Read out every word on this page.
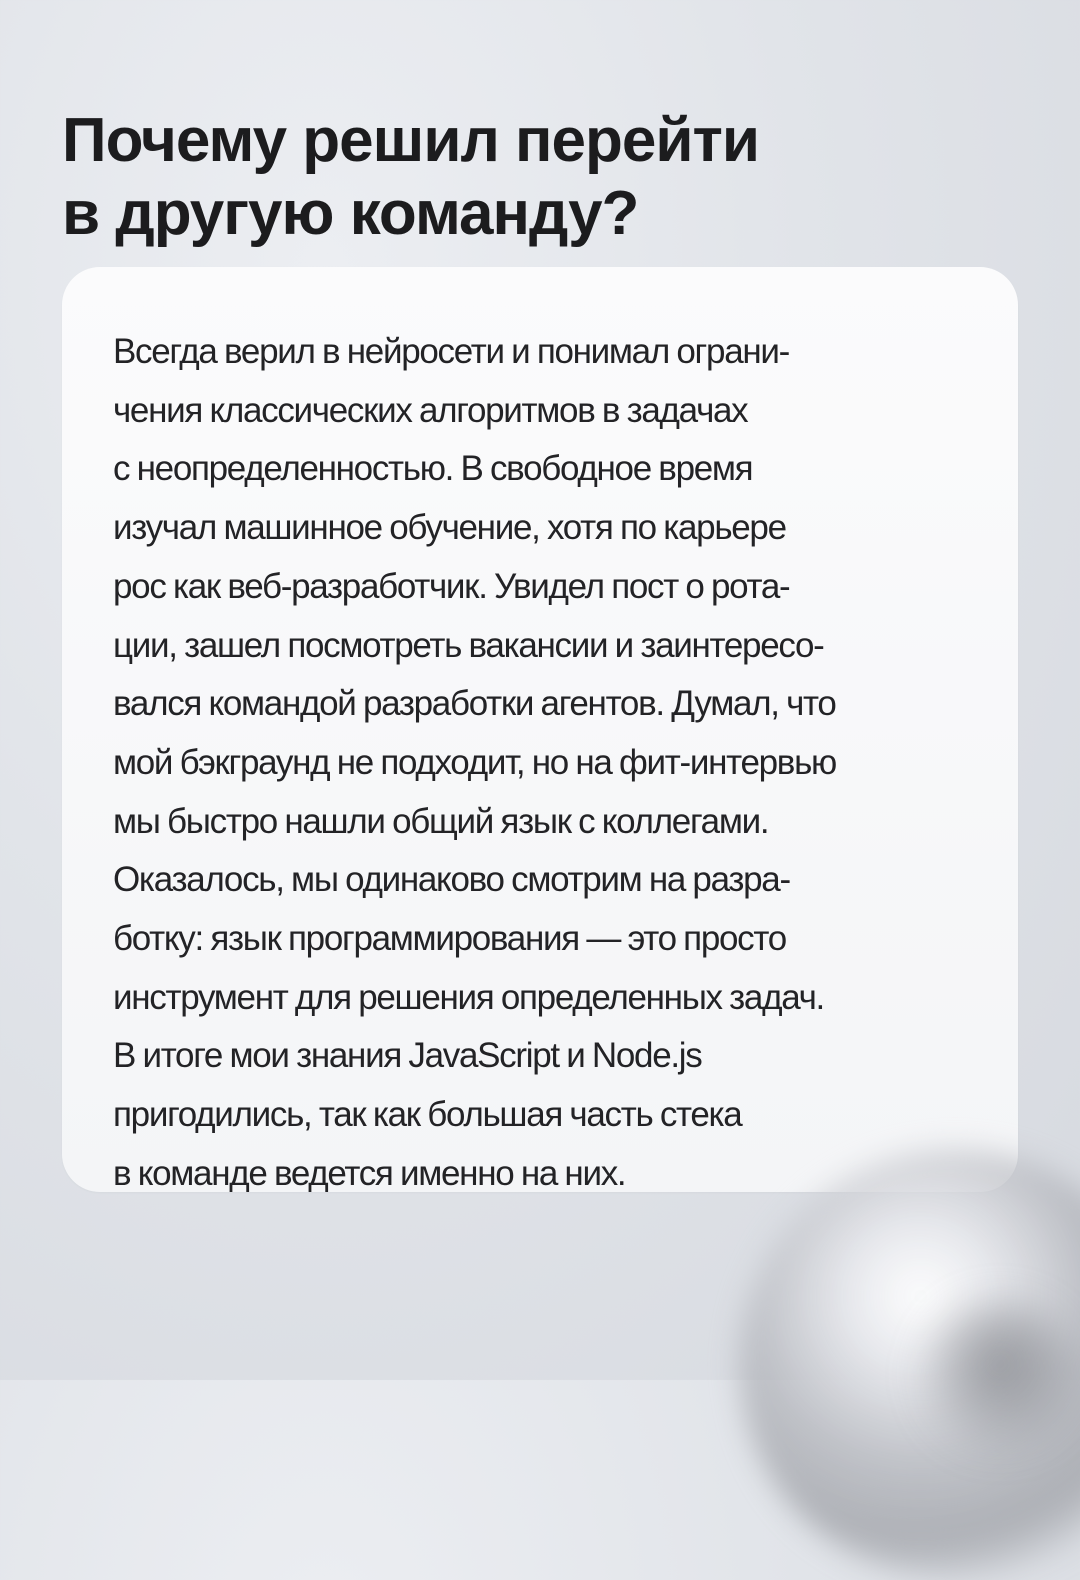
Почему решил перейти
в другую команду?

Всегда верил в нейросети и понимал ограни-
чения классических алгоритмов в задачах
с неопределенностью. В свободное время
изучал машинное обучение, хотя по карьере
рос как веб-разработчик. Увидел пост о рота-
ции, зашел посмотреть вакансии и заинтересо-
вался командой разработки агентов. Думал, что
мой бэкграунд не подходит, но на фит-интервью
мы быстро нашли общий язык с коллегами.
Оказалось, мы одинаково смотрим на разра-
ботку: язык программирования — это просто
инструмент для решения определенных задач.
В итоге мои знания JavaScript и Node.js
пригодились, так как большая часть стека
в команде ведется именно на них.
